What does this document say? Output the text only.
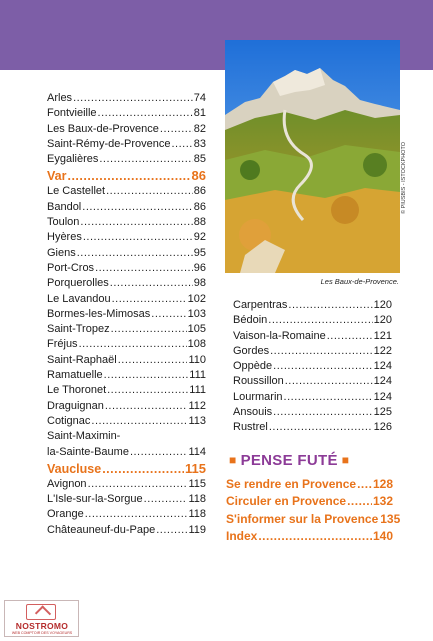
Arles .....	74
Fontvieille .....	81
Les Baux-de-Provence .....	82
Saint-Rémy-de-Provence ..... 83
Eygalières .....	85
Var .....	86
Le Castellet .....	86
Bandol .....	86
Toulon .....	88
Hyères .....	92
Giens .....	95
Port-Cros .....	96
Porquerolles .....	98
Le Lavandou .....	102
Bormes-les-Mimosas .....	103
Saint-Tropez .....	105
Fréjus .....	108
Saint-Raphaël .....	110
Ramatuelle .....	111
Le Thoronet .....	111
Draguignan .....	112
Cotignac .....	113
Saint-Maximin-
la-Sainte-Baume .....	114
Vaucluse .....	115
Avignon .....	115
L'Isle-sur-la-Sorgue .....	118
Orange .....	118
Châteauneuf-du-Pape .....	119
© PIUSBIS - ISTOCKPHOTO
Les Baux-de-Provence.
Carpentras .....	120
Bédoin .....	120
Vaison-la-Romaine .....	121
Gordes .....	122
Oppède .....	124
Roussillon .....	124
Lourmarin .....	124
Ansouis .....	125
Rustrel .....	126
■ PENSE FUTÉ ■
Se rendre en Provence ..... 128
Circuler en Provence ..... 132
S'informer sur la Provence 135
Index .....	140
NOSTROMO
WEB COMPTOIR DES VOYAGEURS
